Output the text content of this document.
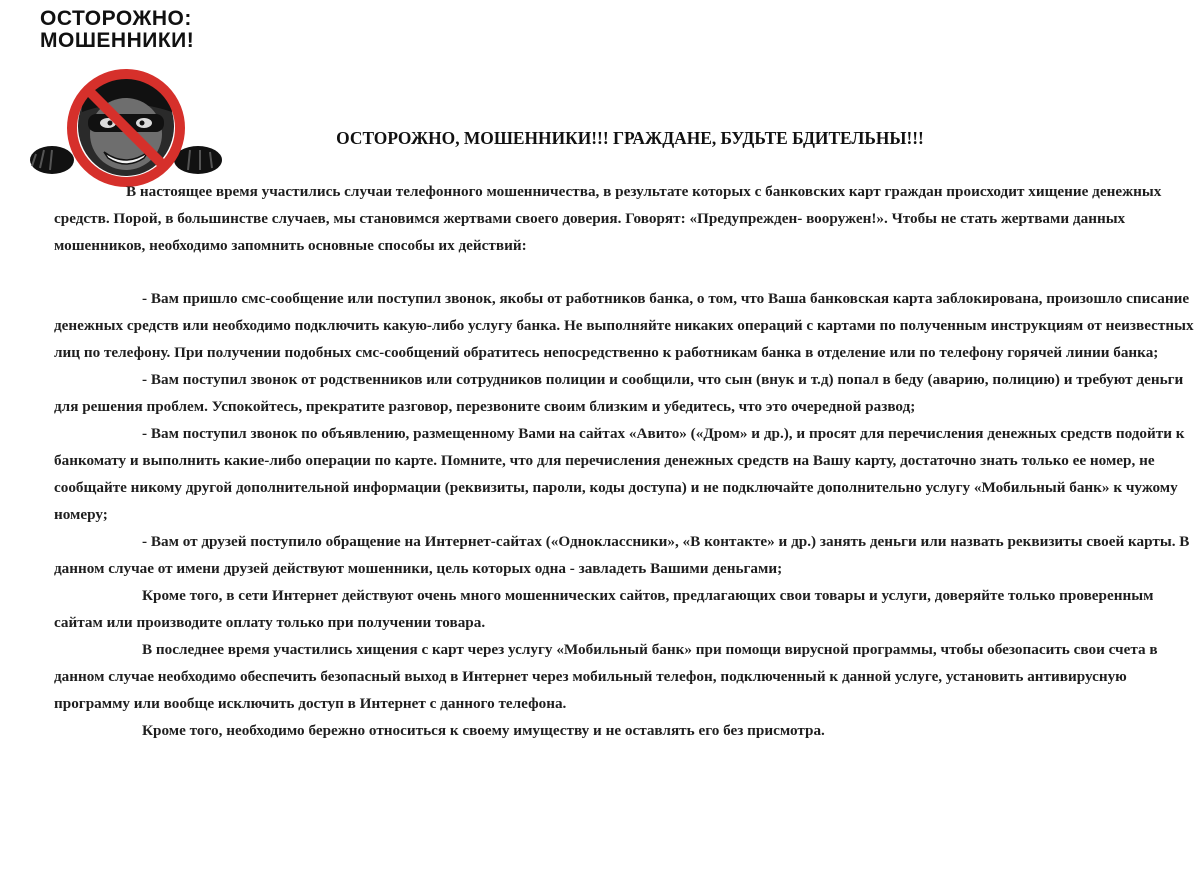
ОСТОРОЖНО:
МОШЕННИКИ!
ОСТОРОЖНО, МОШЕННИКИ!!! ГРАЖДАНЕ, БУДЬТЕ БДИТЕЛЬНЫ!!!

В настоящее время участились случаи телефонного мошенничества, в результате которых с банковских карт граждан происходит хищение денежных средств. Порой, в большинстве случаев, мы становимся жертвами своего доверия. Говорят: «Предупрежден- вооружен!». Чтобы не стать жертвами данных мошенников, необходимо запомнить основные способы их действий:

- Вам пришло смс-сообщение или поступил звонок, якобы от работников банка, о том, что Ваша банковская карта заблокирована, произошло списание денежных средств или необходимо подключить какую-либо услугу банка. Не выполняйте никаких операций с картами по полученным инструкциям от неизвестных лиц по телефону. При получении подобных смс-сообщений обратитесь непосредственно к работникам банка в отделение или по телефону горячей линии банка;

- Вам поступил звонок от родственников или сотрудников полиции и сообщили, что сын (внук и т.д) попал в беду (аварию, полицию) и требуют деньги для решения проблем. Успокойтесь, прекратите разговор, перезвоните своим близким и убедитесь, что это очередной развод;

- Вам поступил звонок по объявлению, размещенному Вами на сайтах «Авито» («Дром» и др.), и просят для перечисления денежных средств подойти к банкомату и выполнить какие-либо операции по карте. Помните, что для перечисления денежных средств на Вашу карту, достаточно знать только ее номер, не сообщайте никому другой дополнительной информации (реквизиты, пароли, коды доступа) и не подключайте дополнительно услугу «Мобильный банк» к чужому номеру;

- Вам от друзей поступило обращение на Интернет-сайтах («Одноклассники», «В контакте» и др.) занять деньги или назвать реквизиты своей карты. В данном случае от имени друзей действуют мошенники, цель которых одна - завладеть Вашими деньгами;

Кроме того, в сети Интернет действуют очень много мошеннических сайтов, предлагающих свои товары и услуги, доверяйте только проверенным сайтам или производите оплату только при получении товара.

В последнее время участились хищения с карт через услугу «Мобильный банк» при помощи вирусной программы, чтобы обезопасить свои счета в данном случае необходимо обеспечить безопасный выход в Интернет через мобильный телефон, подключенный к данной услуге, установить антивирусную программу или вообще исключить доступ в Интернет с данного телефона.

Кроме того, необходимо бережно относиться к своему имуществу и не оставлять его без присмотра.
